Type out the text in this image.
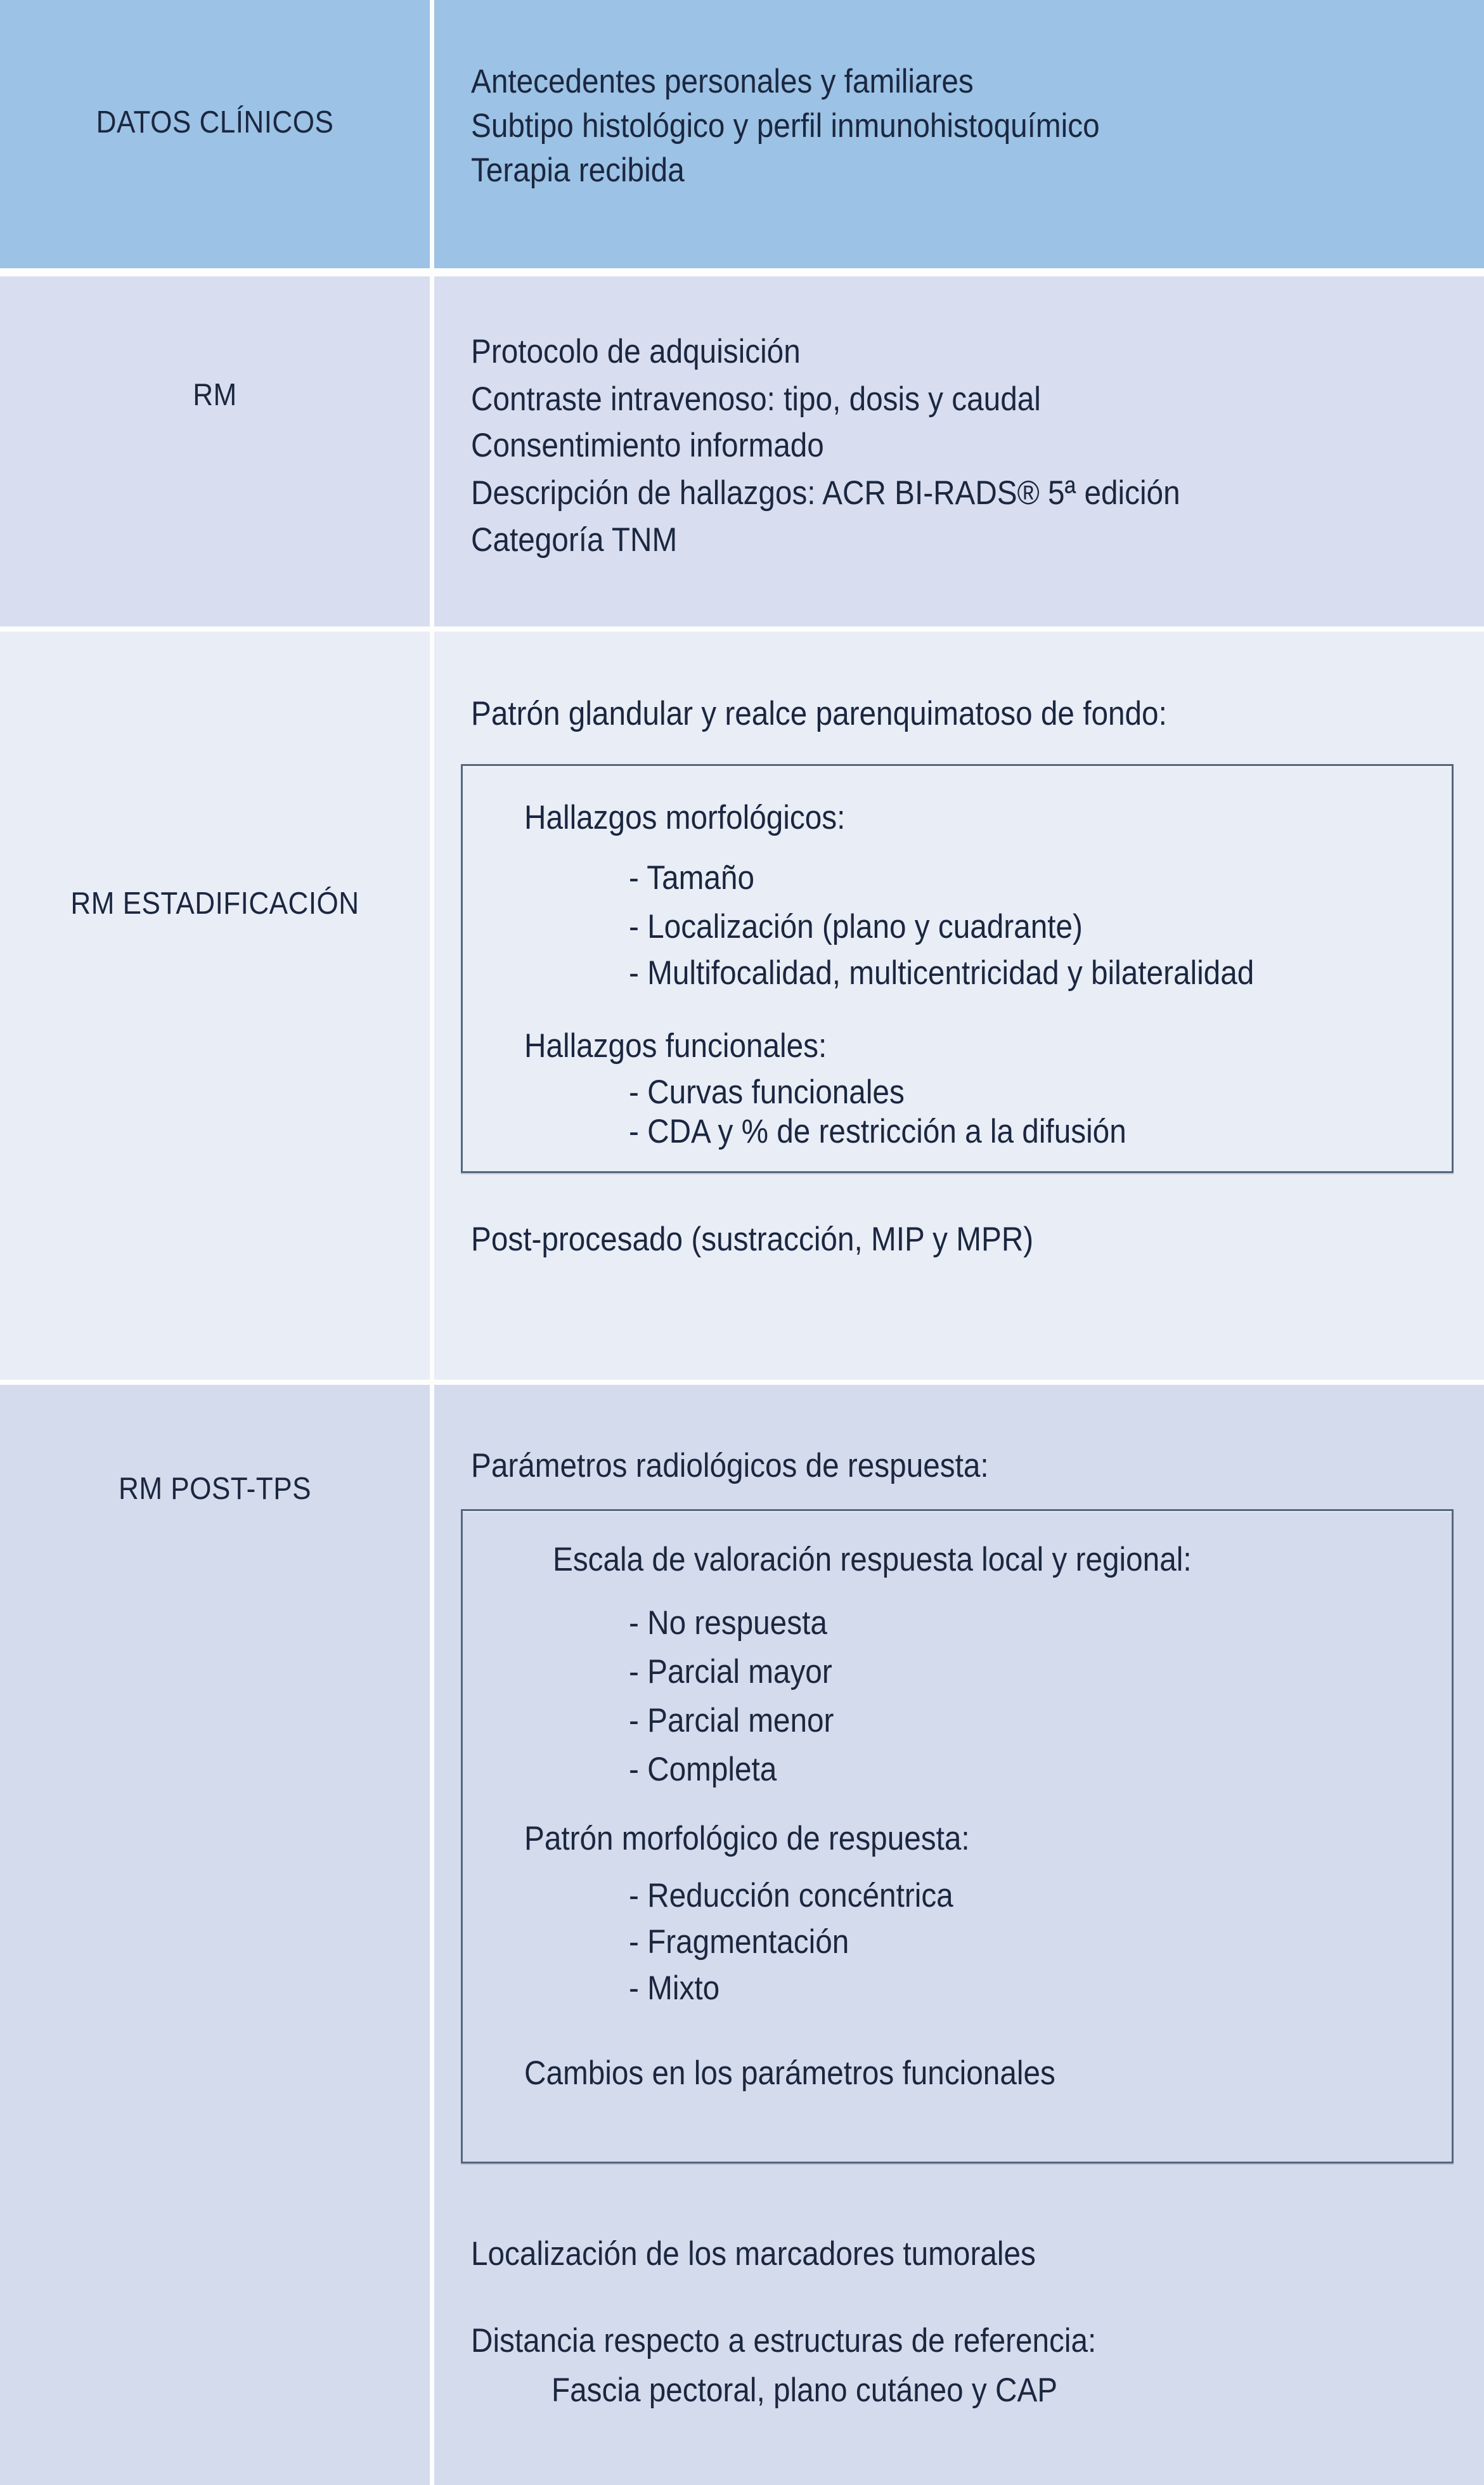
DATOS CLÍNICOS
Antecedentes personales y familiares
Subtipo histológico y perfil inmunohistoquímico
Terapia recibida
RM
Protocolo de adquisición
Contraste intravenoso: tipo, dosis y caudal
Consentimiento informado
Descripción de hallazgos: ACR BI-RADS® 5ª edición
Categoría TNM
RM ESTADIFICACIÓN
Patrón glandular y realce parenquimatoso de fondo:
Hallazgos morfológicos:
- Tamaño
- Localización (plano y cuadrante)
- Multifocalidad, multicentricidad y bilateralidad
Hallazgos funcionales:
- Curvas funcionales
- CDA y % de restricción a la difusión
Post-procesado (sustracción, MIP y MPR)
RM POST-TPS
Parámetros radiológicos de respuesta:
Escala de valoración respuesta local y regional:
- No respuesta
- Parcial mayor
- Parcial menor
- Completa
Patrón morfológico de respuesta:
- Reducción concéntrica
- Fragmentación
- Mixto
Cambios en los parámetros funcionales
Localización de los marcadores tumorales
Distancia respecto a estructuras de referencia:
Fascia pectoral, plano cutáneo y CAP
